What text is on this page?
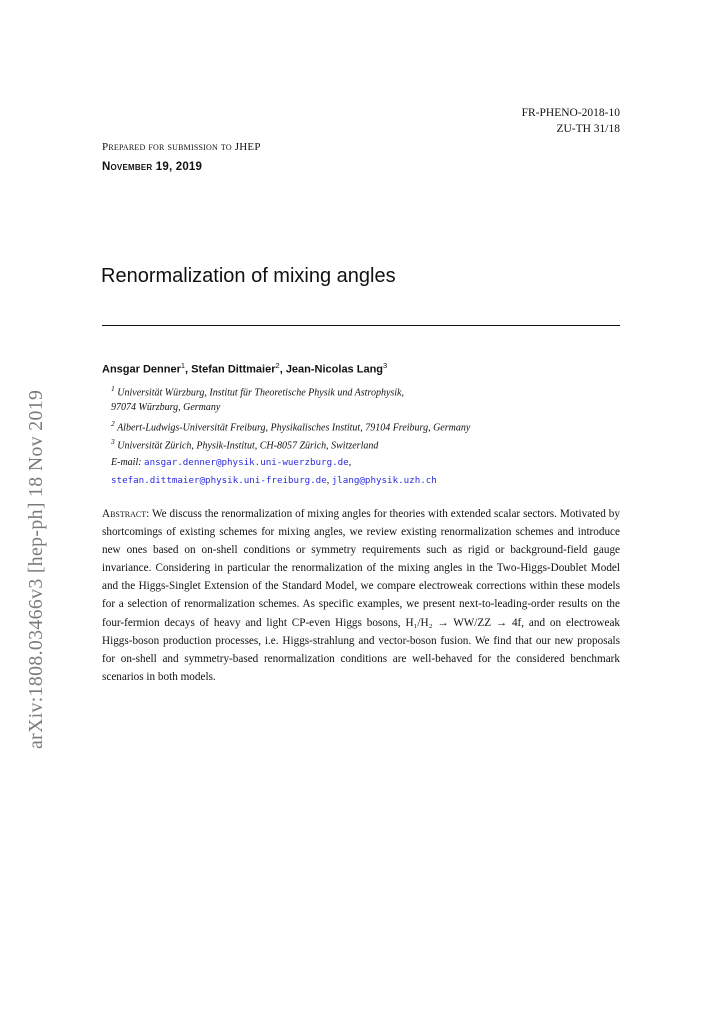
arXiv:1808.03466v3 [hep-ph] 18 Nov 2019
FR-PHENO-2018-10
ZU-TH 31/18
Prepared for submission to JHEP
November 19, 2019
Renormalization of mixing angles
Ansgar Denner$^1$, Stefan Dittmaier$^2$, Jean-Nicolas Lang$^3$
$^1$ Universität Würzburg, Institut für Theoretische Physik und Astrophysik,
97074 Würzburg, Germany
$^2$ Albert-Ludwigs-Universität Freiburg, Physikalisches Institut, 79104 Freiburg, Germany
$^3$ Universität Zürich, Physik-Institut, CH-8057 Zürich, Switzerland
E-mail: ansgar.denner@physik.uni-wuerzburg.de,
stefan.dittmaier@physik.uni-freiburg.de, jlang@physik.uzh.ch

Abstract: We discuss the renormalization of mixing angles for theories with extended scalar sectors. Motivated by shortcomings of existing schemes for mixing angles, we review existing renormalization schemes and introduce new ones based on on-shell conditions or symmetry requirements such as rigid or background-field gauge invariance. Considering in particular the renormalization of the mixing angles in the Two-Higgs-Doublet Model and the Higgs-Singlet Extension of the Standard Model, we compare electroweak corrections within these models for a selection of renormalization schemes. As specific examples, we present next-to-leading-order results on the four-fermion decays of heavy and light CP-even Higgs bosons, H₁/H₂ → WW/ZZ → 4f, and on electroweak Higgs-boson production processes, i.e. Higgs-strahlung and vector-boson fusion. We find that our new proposals for on-shell and symmetry-based renormalization conditions are well-behaved for the considered benchmark scenarios in both models.
